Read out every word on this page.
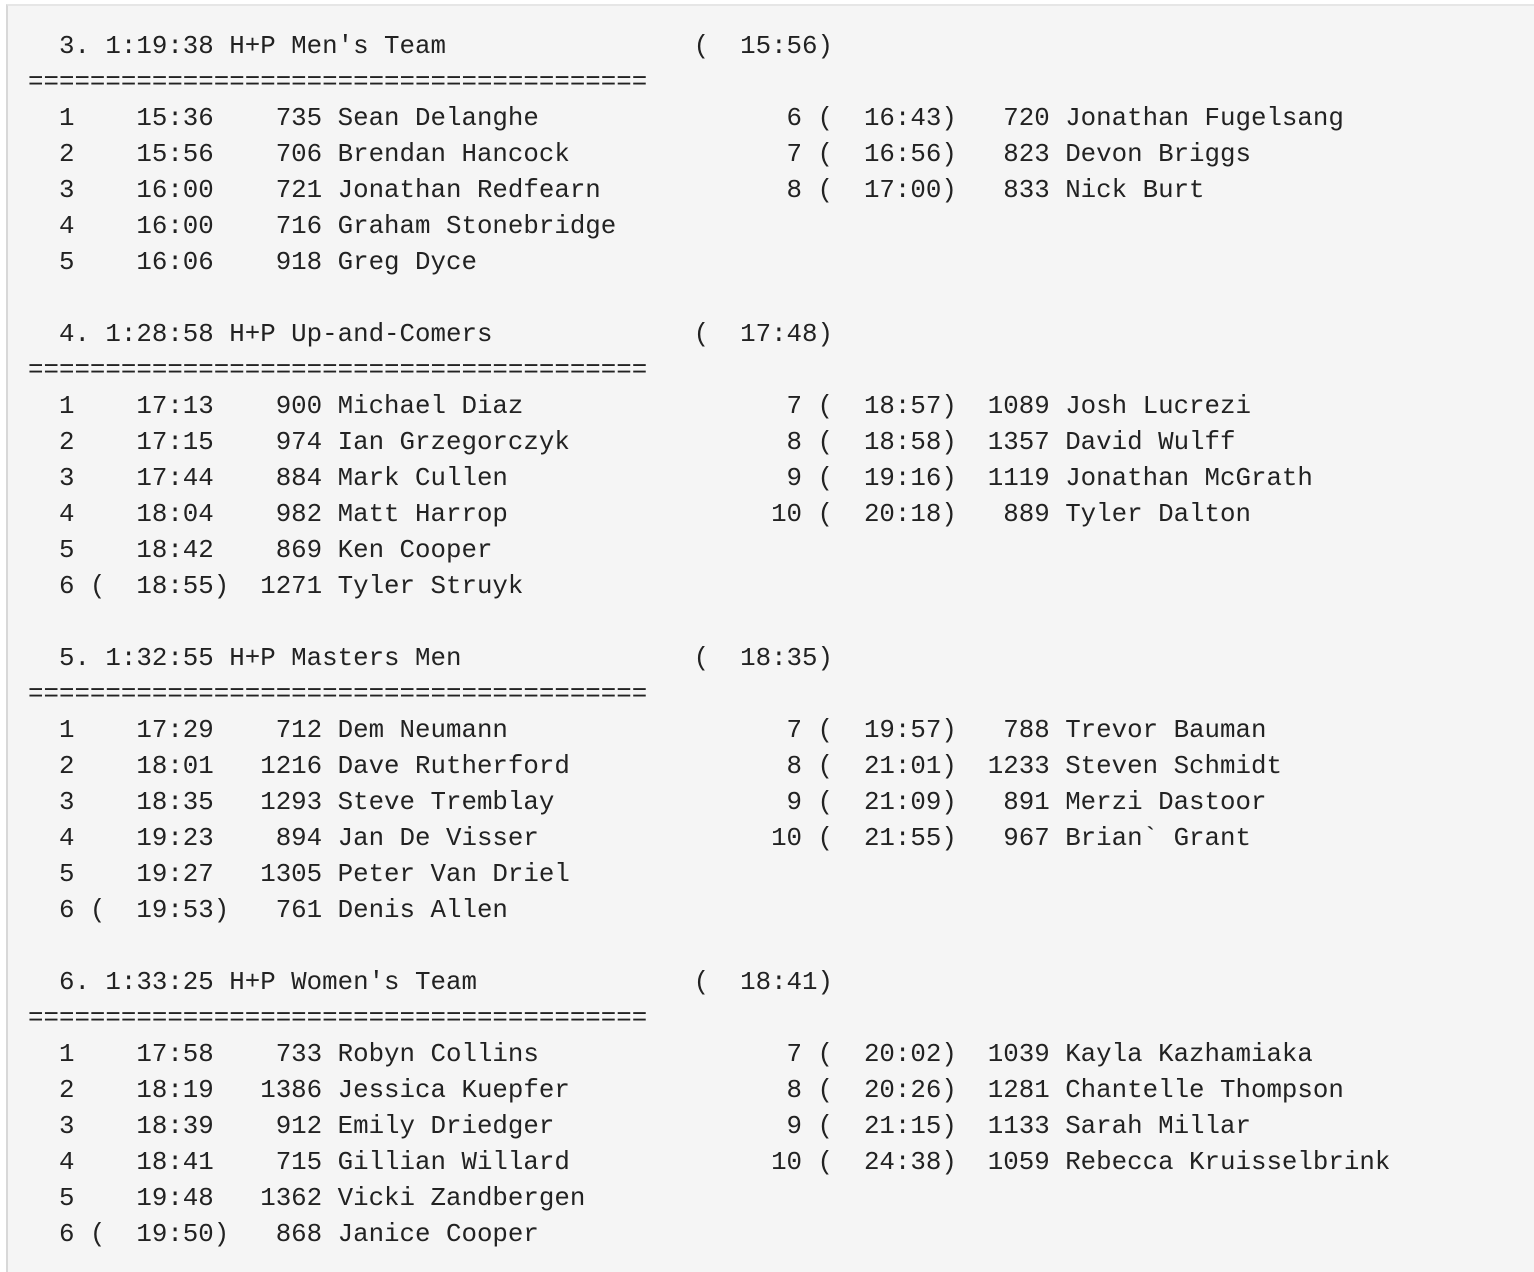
3. 1:19:38 H+P Men's Team                (  15:56)
========================================
1    15:36    735 Sean Delanghe                6 (  16:43)   720 Jonathan Fugelsang
2    15:56    706 Brendan Hancock              7 (  16:56)   823 Devon Briggs
3    16:00    721 Jonathan Redfearn            8 (  17:00)   833 Nick Burt
4    16:00    716 Graham Stonebridge
5    16:06    918 Greg Dyce
4. 1:28:58 H+P Up-and-Comers             (  17:48)
========================================
1    17:13    900 Michael Diaz                 7 (  18:57)  1089 Josh Lucrezi
2    17:15    974 Ian Grzegorczyk              8 (  18:58)  1357 David Wulff
3    17:44    884 Mark Cullen                  9 (  19:16)  1119 Jonathan McGrath
4    18:04    982 Matt Harrop                 10 (  20:18)   889 Tyler Dalton
5    18:42    869 Ken Cooper
6 (  18:55)  1271 Tyler Struyk
5. 1:32:55 H+P Masters Men               (  18:35)
========================================
1    17:29    712 Dem Neumann                  7 (  19:57)   788 Trevor Bauman
2    18:01   1216 Dave Rutherford              8 (  21:01)  1233 Steven Schmidt
3    18:35   1293 Steve Tremblay               9 (  21:09)   891 Merzi Dastoor
4    19:23    894 Jan De Visser               10 (  21:55)   967 Brian` Grant
5    19:27   1305 Peter Van Driel
6 (  19:53)   761 Denis Allen
6. 1:33:25 H+P Women's Team              (  18:41)
========================================
1    17:58    733 Robyn Collins                7 (  20:02)  1039 Kayla Kazhamiaka
2    18:19   1386 Jessica Kuepfer              8 (  20:26)  1281 Chantelle Thompson
3    18:39    912 Emily Driedger               9 (  21:15)  1133 Sarah Millar
4    18:41    715 Gillian Willard             10 (  24:38)  1059 Rebecca Kruisselbrink
5    19:48   1362 Vicki Zandbergen
6 (  19:50)   868 Janice Cooper
